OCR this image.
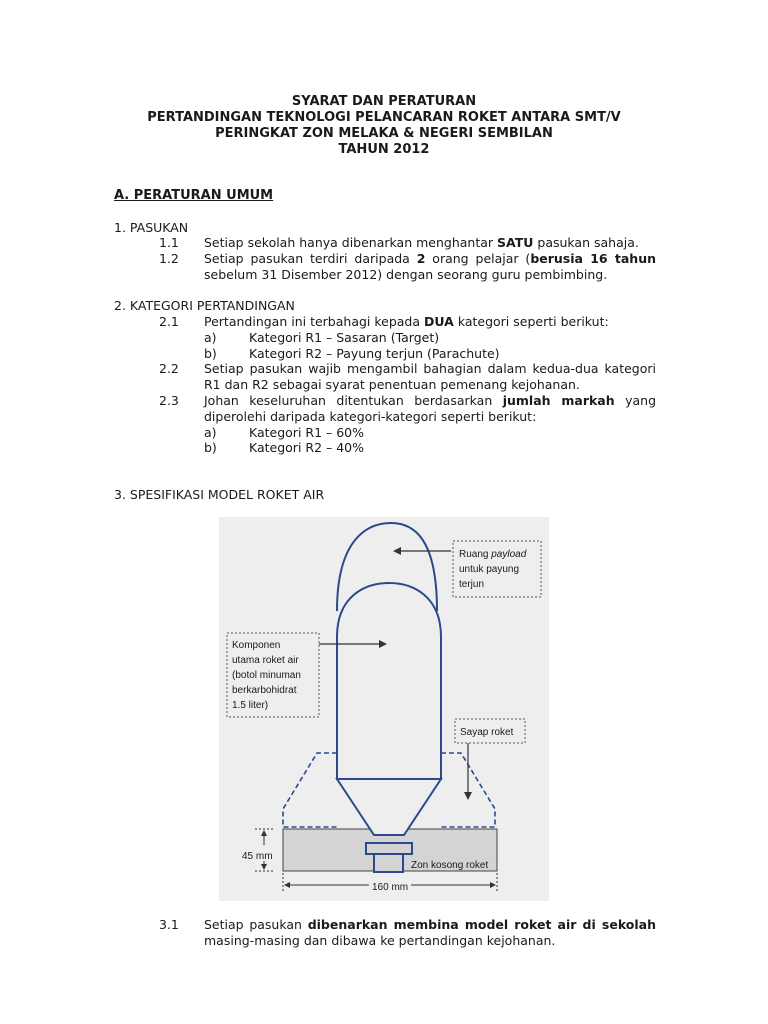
SYARAT DAN PERATURAN
PERTANDINGAN TEKNOLOGI PELANCARAN ROKET ANTARA SMT/V
PERINGKAT ZON MELAKA & NEGERI SEMBILAN
TAHUN 2012
A. PERATURAN UMUM
1. PASUKAN
1.1	Setiap sekolah hanya dibenarkan menghantar SATU pasukan sahaja.
1.2	Setiap pasukan terdiri daripada 2 orang pelajar (berusia 16 tahun
sebelum 31 Disember 2012) dengan seorang guru pembimbing.
2. KATEGORI PERTANDINGAN
2.1	Pertandingan ini terbahagi kepada DUA kategori seperti berikut:
a)	Kategori R1 – Sasaran (Target)
b)	Kategori R2 – Payung terjun (Parachute)
2.2	Setiap pasukan wajib mengambil bahagian dalam kedua-dua kategori
R1 dan R2 sebagai syarat penentuan pemenang kejohanan.
2.3	Johan keseluruhan ditentukan berdasarkan jumlah markah yang
diperolehi daripada kategori-kategori seperti berikut:
a)	Kategori R1 – 60%
b)	Kategori R2 – 40%
3. SPESIFIKASI MODEL ROKET AIR
Ruang payload
untuk payung
terjun
Komponen
utama roket air
(botol minuman
berkarbohidrat
1.5 liter)
Sayap roket
Zon kosong roket
45 mm
160 mm
3.1	Setiap pasukan dibenarkan membina model roket air di sekolah
masing-masing dan dibawa ke pertandingan kejohanan.
